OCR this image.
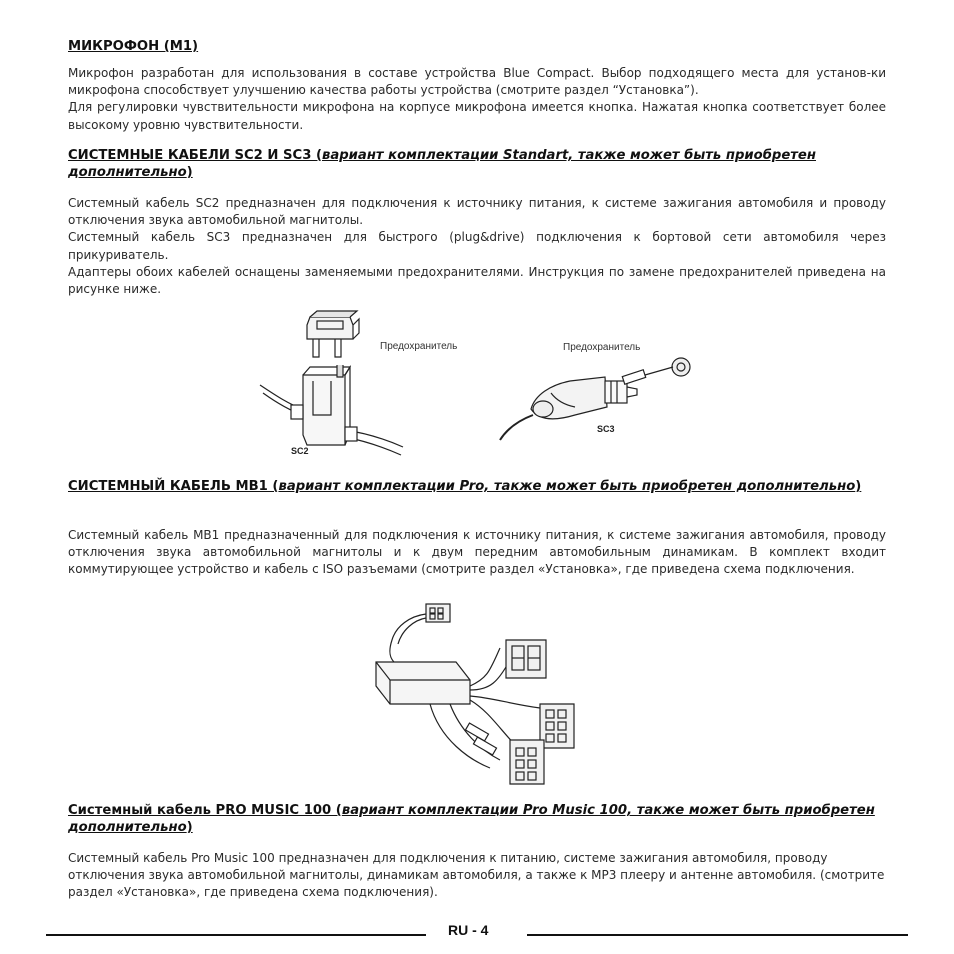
МИКРОФОН (М1)

Микрофон разработан для использования в составе устройства Blue Compact. Выбор подходящего места для установ-ки микрофона способствует улучшению качества работы устройства (смотрите раздел “Установка”).

Для регулировки чувствительности микрофона на корпусе микрофона имеется кнопка. Нажатая кнопка соответствует более высокому уровню чувствительности.

СИСТЕМНЫЕ КАБЕЛИ SC2 И SC3 (вариант комплектации Standart, также может быть приобретен дополнительно)

Системный кабель SC2 предназначен для подключения к источнику питания, к системе зажигания автомобиля и проводу отключения звука автомобильной магнитолы.

Системный кабель SC3 предназначен для быстрого (plug&drive) подключения к бортовой сети автомобиля через прикуриватель.

Адаптеры обоих кабелей оснащены заменяемыми предохранителями. Инструкция по замене предохранителей приведена на рисунке ниже.

Предохранитель
SC2
Предохранитель
SC3
СИСТЕМНЫЙ КАБЕЛЬ MB1 (вариант комплектации Pro, также может быть приобретен дополнительно)

Системный кабель MB1 предназначенный для подключения к источнику питания, к системе зажигания автомобиля, проводу отключения звука автомобильной магнитолы и к двум передним автомобильным динамикам. В комплект входит коммутирующее устройство и кабель с ISO разъемами (смотрите раздел «Установка», где приведена схема подключения.

Системный кабель PRO MUSIC 100 (вариант комплектации Pro Music 100, также может быть приобретен дополнительно)

Системный кабель Pro Music 100 предназначен для подключения к питанию, системе зажигания автомобиля, проводу отключения звука автомобильной магнитолы, динамикам автомобиля, а также к МР3 плееру и антенне автомобиля. (смотрите раздел «Установка», где приведена схема подключения).

RU - 4
